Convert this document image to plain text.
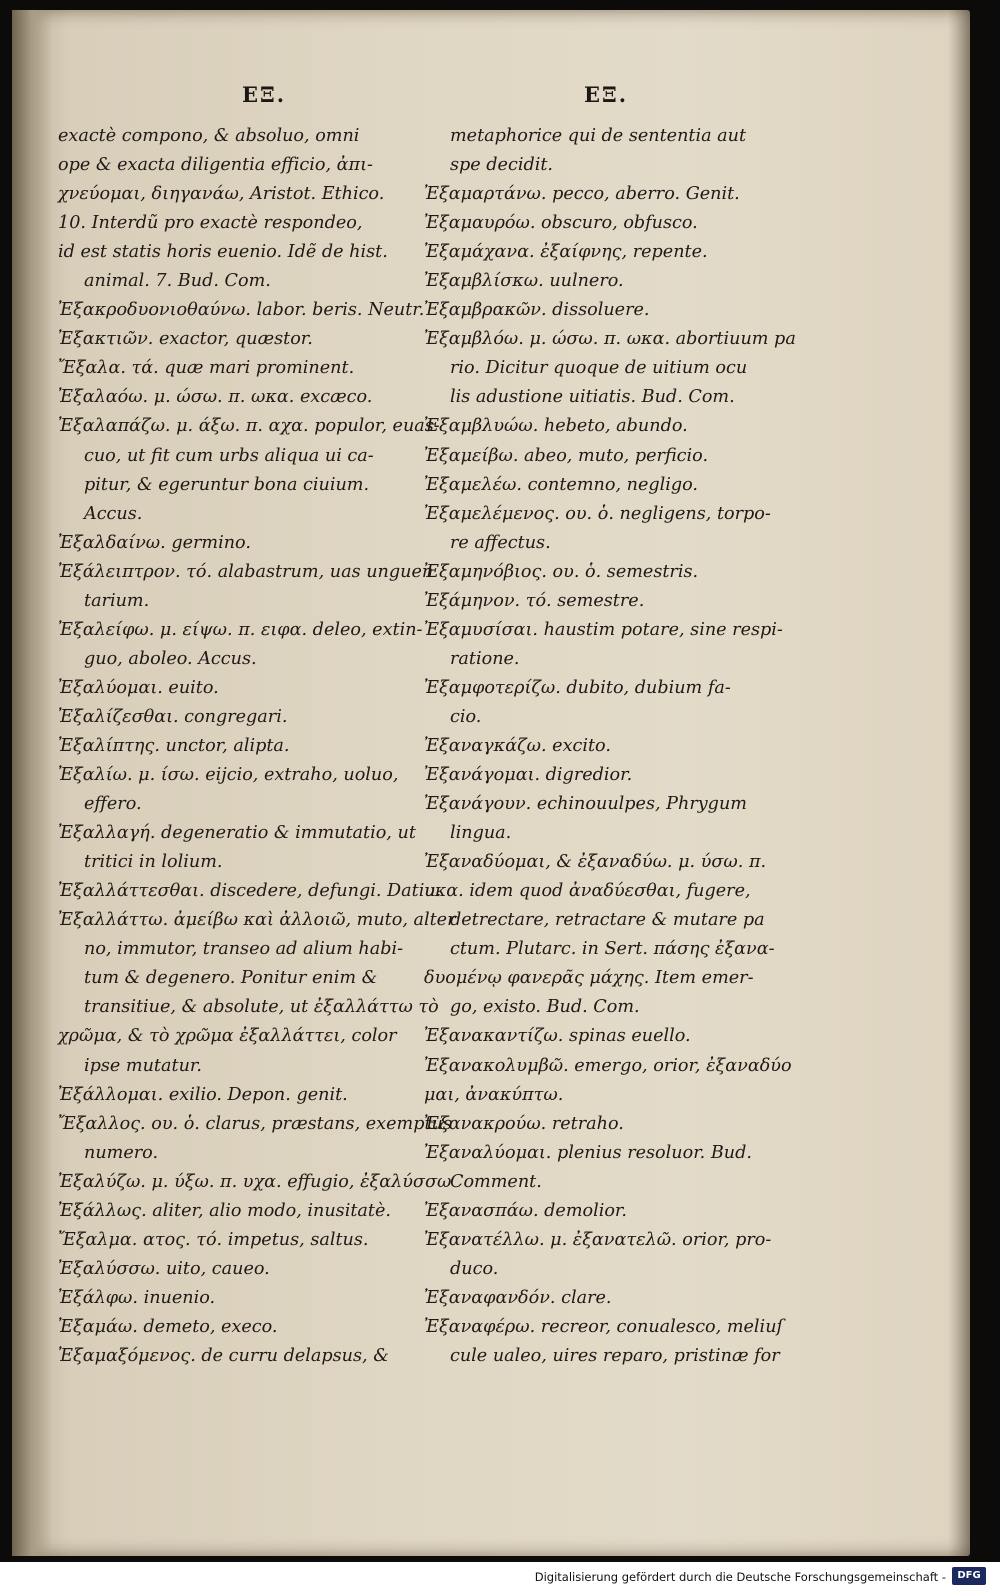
ΕΞ.	ΕΞ.
exactè compono, & absoluo, omni
ope & exacta diligentia efficio, ἀπι-
χνεύομαι, διηγανάω, Aristot. Ethico.
10. Interdũ pro exactè respondeo,
id est statis horis euenio. Idẽ de hist.
animal. 7. Bud. Com.
Ἐξακροδυονιοθαύνω. labor. beris. Neutr.
Ἐξακτιῶν. exactor, quæstor.
Ἔξαλα. τά. quæ mari prominent.
Ἐξαλαόω. μ. ώσω. π. ωκα. excæco.
Ἐξαλαπάζω. μ. άξω. π. αχα. populor, euas-
cuo, ut fit cum urbs aliqua ui ca-
pitur, & egeruntur bona ciuium.
Accus.
Ἐξαλδαίνω. germino.
Ἐξάλειπτρον. τό. alabastrum, uas unguen
tarium.
Ἐξαλείφω. μ. είψω. π. ειφα. deleo, extin-
guo, aboleo. Accus.
Ἐξαλύομαι. euito.
Ἐξαλίζεσθαι. congregari.
Ἐξαλίπτης. unctor, alipta.
Ἐξαλίω. μ. ίσω. eijcio, extraho, uoluo,
effero.
Ἐξαλλαγή. degeneratio & immutatio, ut
tritici in lolium.
Ἐξαλλάττεσθαι. discedere, defungi. Datiu.
Ἐξαλλάττω. ἀμείβω καὶ ἀλλοιῶ, muto, alter
no, immutor, transeo ad alium habi-
tum & degenero. Ponitur enim &
transitiue, & absolute, ut ἐξαλλάττω τὸ
χρῶμα, & τὸ χρῶμα ἐξαλλάττει, color
ipse mutatur.
Ἐξάλλομαι. exilio. Depon. genit.
Ἔξαλλος. ου. ὁ. clarus, præstans, exemptus
numero.
Ἐξαλύζω. μ. ύξω. π. υχα. effugio, ἐξαλύσσω
Ἐξάλλως. aliter, alio modo, inusitatè.
Ἔξαλμα. ατος. τό. impetus, saltus.
Ἐξαλύσσω. uito, caueo.
Ἐξάλφω. inuenio.
Ἐξαμάω. demeto, execo.
Ἐξαμαξόμενος. de curru delapsus, &
metaphorice qui de sententia aut
spe decidit.
Ἐξαμαρτάνω. pecco, aberro. Genit.
Ἐξαμαυρόω. obscuro, obfusco.
Ἐξαμάχανα. ἐξαίφνης, repente.
Ἐξαμβλίσκω. uulnero.
Ἐξαμβρακῶν. dissoluere.
Ἐξαμβλόω. μ. ώσω. π. ωκα. abortiuum pa
rio. Dicitur quoque de uitium ocu
lis adustione uitiatis. Bud. Com.
Ἐξαμβλυώω. hebeto, abundo.
Ἐξαμείβω. abeo, muto, perficio.
Ἐξαμελέω. contemno, negligo.
Ἐξαμελέμενος. ου. ὁ. negligens, torpo-
re affectus.
Ἐξαμηνόβιος. ου. ὁ. semestris.
Ἐξάμηνον. τό. semestre.
Ἐξαμυσίσαι. haustim potare, sine respi-
ratione.
Ἐξαμφοτερίζω. dubito, dubium fa-
cio.
Ἐξαναγκάζω. excito.
Ἐξανάγομαι. digredior.
Ἐξανάγουν. echinouulpes, Phrygum
lingua.
Ἐξαναδύομαι, & ἐξαναδύω. μ. ύσω. π.
υκα. idem quod ἀναδύεσθαι, fugere,
detrectare, retractare & mutare pa
ctum. Plutarc. in Sert. πάσης ἐξανα-
δυομένῳ φανερᾶς μάχης. Item emer-
go, existo. Bud. Com.
Ἐξανακαντίζω. spinas euello.
Ἐξανακολυμβῶ. emergo, orior, ἐξαναδύο
μαι, ἀνακύπτω.
Ἐξανακρούω. retraho.
Ἐξαναλύομαι. plenius resoluor. Bud.
Comment.
Ἐξανασπάω. demolior.
Ἐξανατέλλω. μ. ἐξανατελῶ. orior, pro-
duco.
Ἐξαναφανδόν. clare.
Ἐξαναφέρω. recreor, conualesco, meliuſ
cule ualeo, uires reparo, pristinæ for
Digitalisierung gefördert durch die Deutsche Forschungsgemeinschaft -	DFG
